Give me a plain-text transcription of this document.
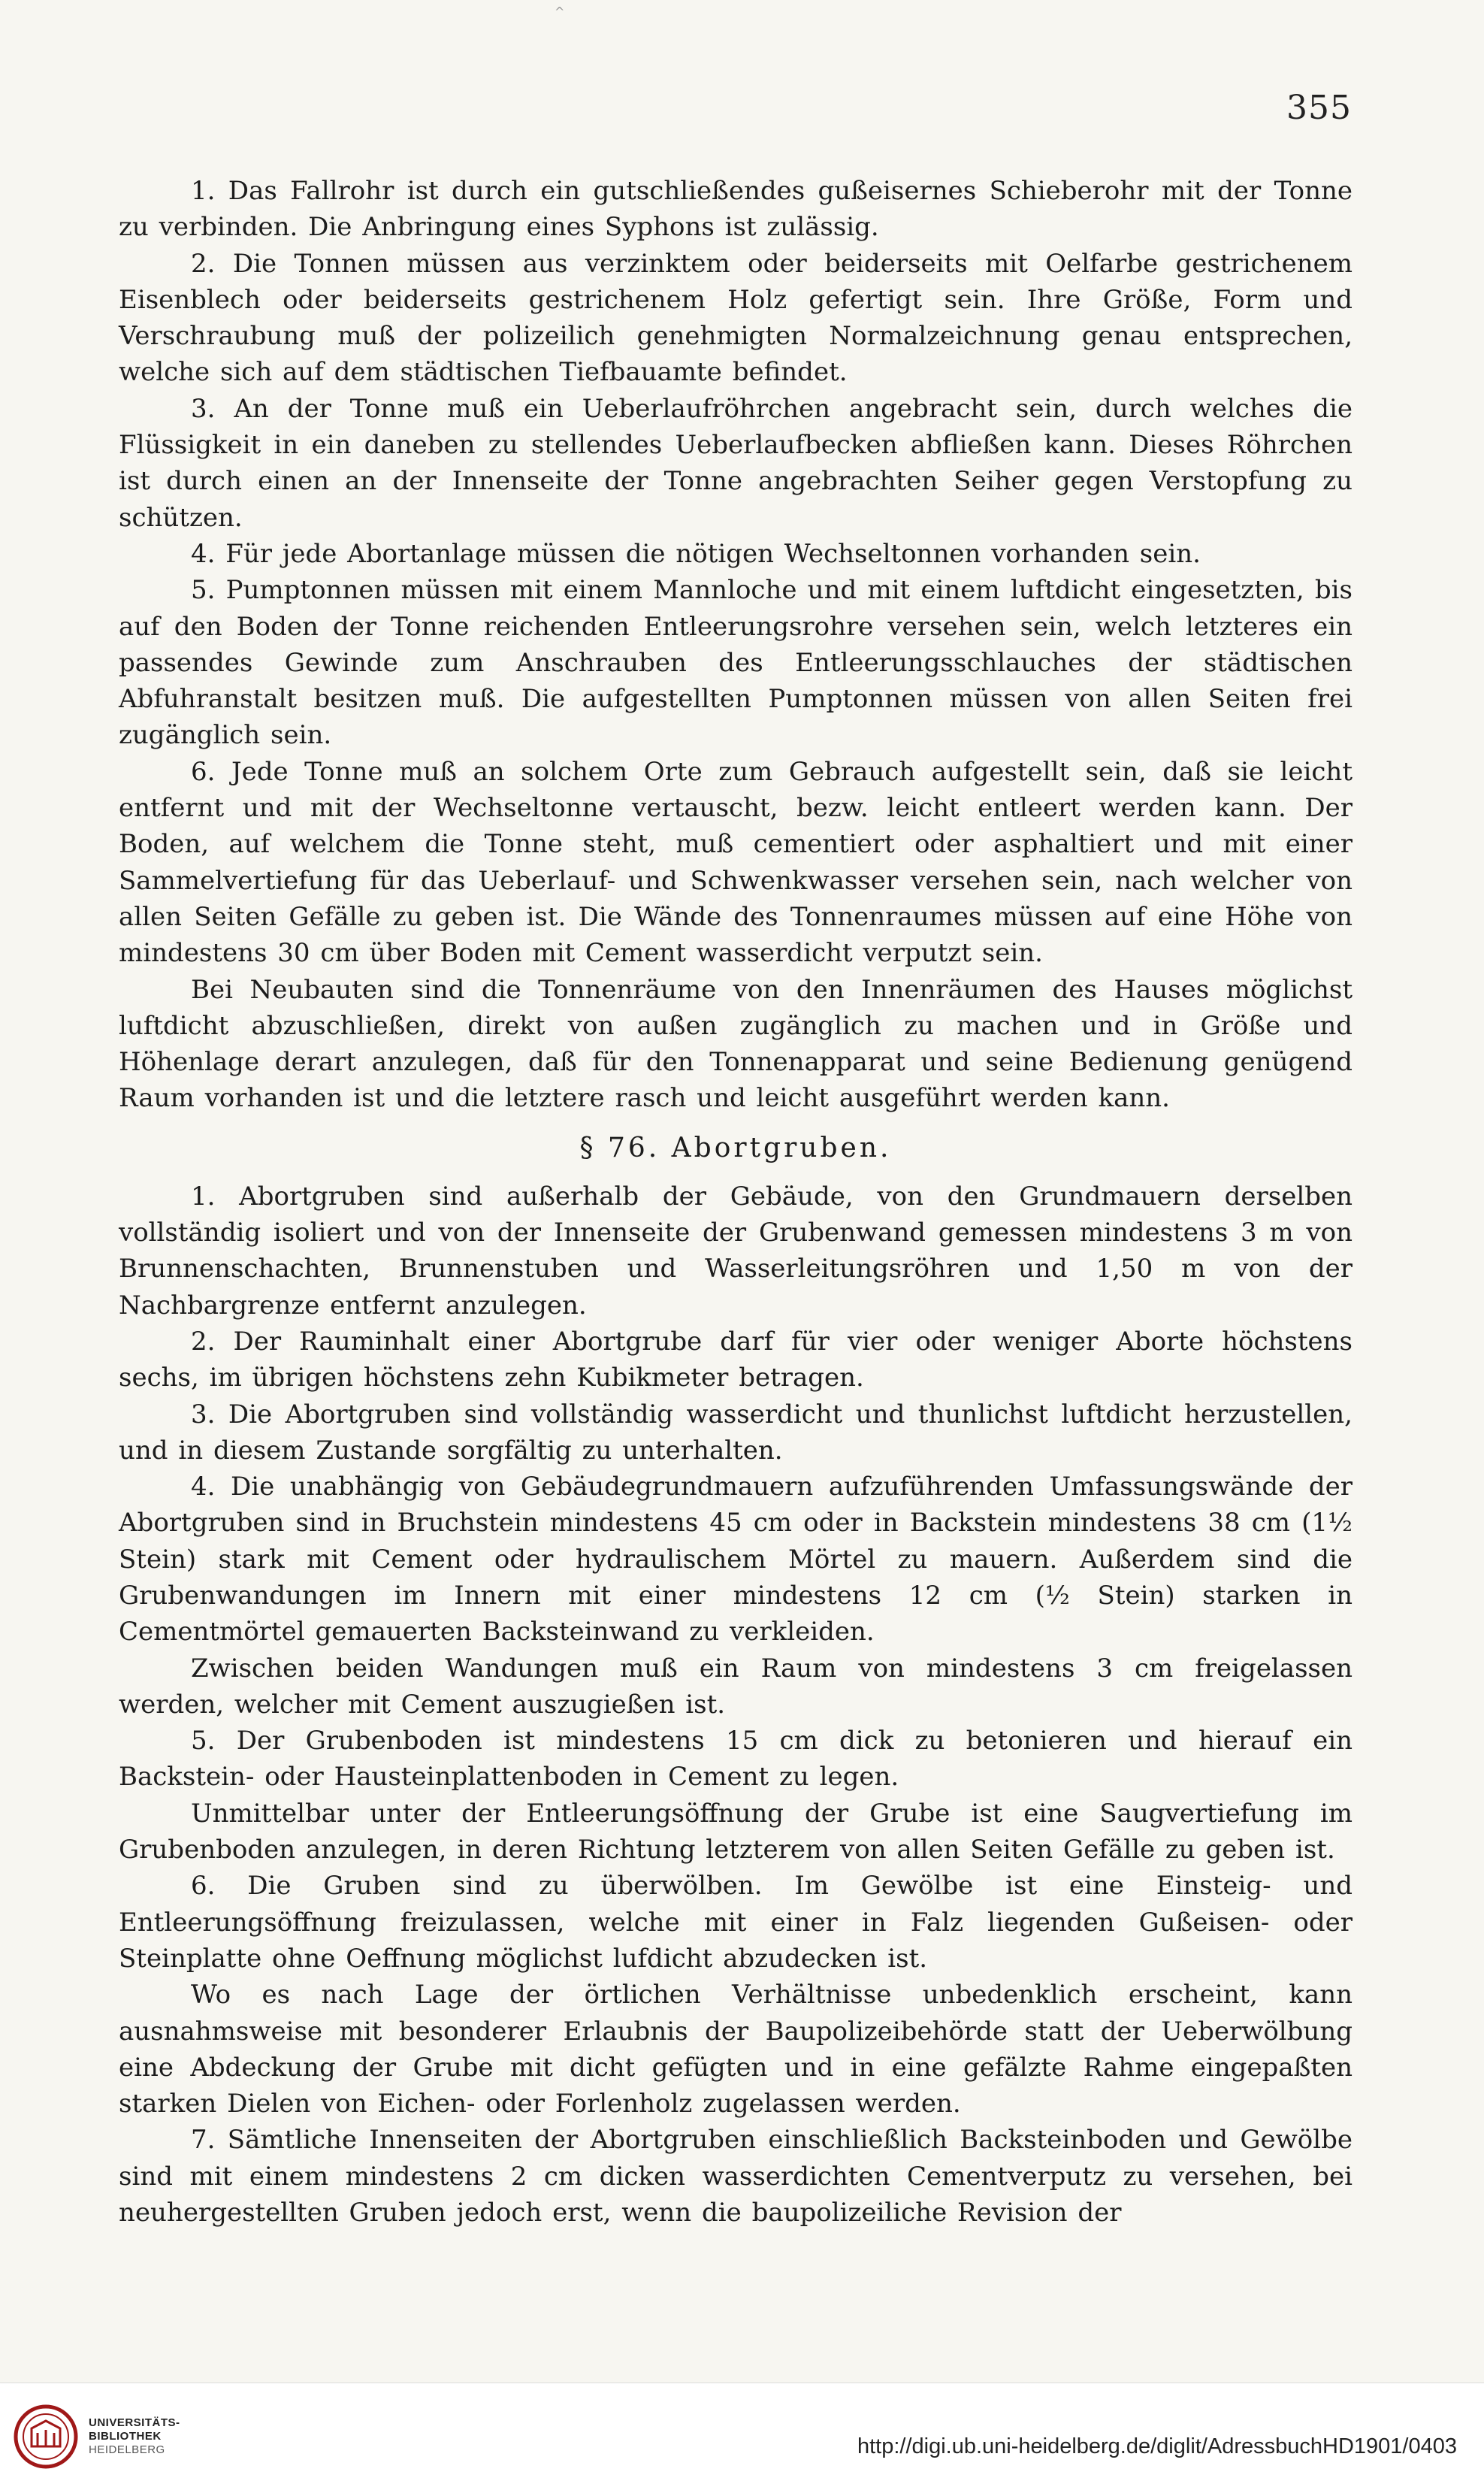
^
355

1. Das Fallrohr ist durch ein gutschließendes gußeisernes Schieberohr mit der Tonne zu verbinden. Die Anbringung eines Syphons ist zulässig.

2. Die Tonnen müssen aus verzinktem oder beiderseits mit Oelfarbe gestrichenem Eisenblech oder beiderseits gestrichenem Holz gefertigt sein. Ihre Größe, Form und Verschraubung muß der polizeilich genehmigten Normalzeichnung genau entsprechen, welche sich auf dem städtischen Tiefbauamte befindet.

3. An der Tonne muß ein Ueberlaufröhrchen angebracht sein, durch welches die Flüssigkeit in ein daneben zu stellendes Ueberlaufbecken abfließen kann. Dieses Röhrchen ist durch einen an der Innenseite der Tonne angebrachten Seiher gegen Verstopfung zu schützen.

4. Für jede Abortanlage müssen die nötigen Wechseltonnen vorhanden sein.

5. Pumptonnen müssen mit einem Mannloche und mit einem luftdicht eingesetzten, bis auf den Boden der Tonne reichenden Entleerungsrohre versehen sein, welch letzteres ein passendes Gewinde zum Anschrauben des Entleerungsschlauches der städtischen Abfuhranstalt besitzen muß. Die aufgestellten Pumptonnen müssen von allen Seiten frei zugänglich sein.

6. Jede Tonne muß an solchem Orte zum Gebrauch aufgestellt sein, daß sie leicht entfernt und mit der Wechseltonne vertauscht, bezw. leicht entleert werden kann. Der Boden, auf welchem die Tonne steht, muß cementiert oder asphaltiert und mit einer Sammelvertiefung für das Ueberlauf- und Schwenkwasser versehen sein, nach welcher von allen Seiten Gefälle zu geben ist. Die Wände des Tonnenraumes müssen auf eine Höhe von mindestens 30 cm über Boden mit Cement wasserdicht verputzt sein.

Bei Neubauten sind die Tonnenräume von den Innenräumen des Hauses möglichst luftdicht abzuschließen, direkt von außen zugänglich zu machen und in Größe und Höhenlage derart anzulegen, daß für den Tonnenapparat und seine Bedienung genügend Raum vorhanden ist und die letztere rasch und leicht ausgeführt werden kann.

§ 76. Abortgruben.

1. Abortgruben sind außerhalb der Gebäude, von den Grundmauern derselben vollständig isoliert und von der Innenseite der Grubenwand gemessen mindestens 3 m von Brunnenschachten, Brunnenstuben und Wasserleitungsröhren und 1,50 m von der Nachbargrenze entfernt anzulegen.

2. Der Rauminhalt einer Abortgrube darf für vier oder weniger Aborte höchstens sechs, im übrigen höchstens zehn Kubikmeter betragen.

3. Die Abortgruben sind vollständig wasserdicht und thunlichst luftdicht herzustellen, und in diesem Zustande sorgfältig zu unterhalten.

4. Die unabhängig von Gebäudegrundmauern aufzuführenden Umfassungswände der Abortgruben sind in Bruchstein mindestens 45 cm oder in Backstein mindestens 38 cm (1½ Stein) stark mit Cement oder hydraulischem Mörtel zu mauern. Außerdem sind die Grubenwandungen im Innern mit einer mindestens 12 cm (½ Stein) starken in Cementmörtel gemauerten Backsteinwand zu verkleiden.

Zwischen beiden Wandungen muß ein Raum von mindestens 3 cm freigelassen werden, welcher mit Cement auszugießen ist.

5. Der Grubenboden ist mindestens 15 cm dick zu betonieren und hierauf ein Backstein- oder Hausteinplattenboden in Cement zu legen.

Unmittelbar unter der Entleerungsöffnung der Grube ist eine Saugvertiefung im Grubenboden anzulegen, in deren Richtung letzterem von allen Seiten Gefälle zu geben ist.

6. Die Gruben sind zu überwölben. Im Gewölbe ist eine Einsteig- und Entleerungsöffnung freizulassen, welche mit einer in Falz liegenden Gußeisen- oder Steinplatte ohne Oeffnung möglichst lufdicht abzudecken ist.

Wo es nach Lage der örtlichen Verhältnisse unbedenklich erscheint, kann ausnahmsweise mit besonderer Erlaubnis der Baupolizeibehörde statt der Ueberwölbung eine Abdeckung der Grube mit dicht gefügten und in eine gefälzte Rahme eingepaßten starken Dielen von Eichen- oder Forlenholz zugelassen werden.

7. Sämtliche Innenseiten der Abortgruben einschließlich Backsteinboden und Gewölbe sind mit einem mindestens 2 cm dicken wasserdichten Cementverputz zu versehen, bei neuhergestellten Gruben jedoch erst, wenn die baupolizeiliche Revision der

UNIVERSITÄTS-
BIBLIOTHEK
HEIDELBERG	http://digi.ub.uni-heidelberg.de/diglit/AdressbuchHD1901/0403
